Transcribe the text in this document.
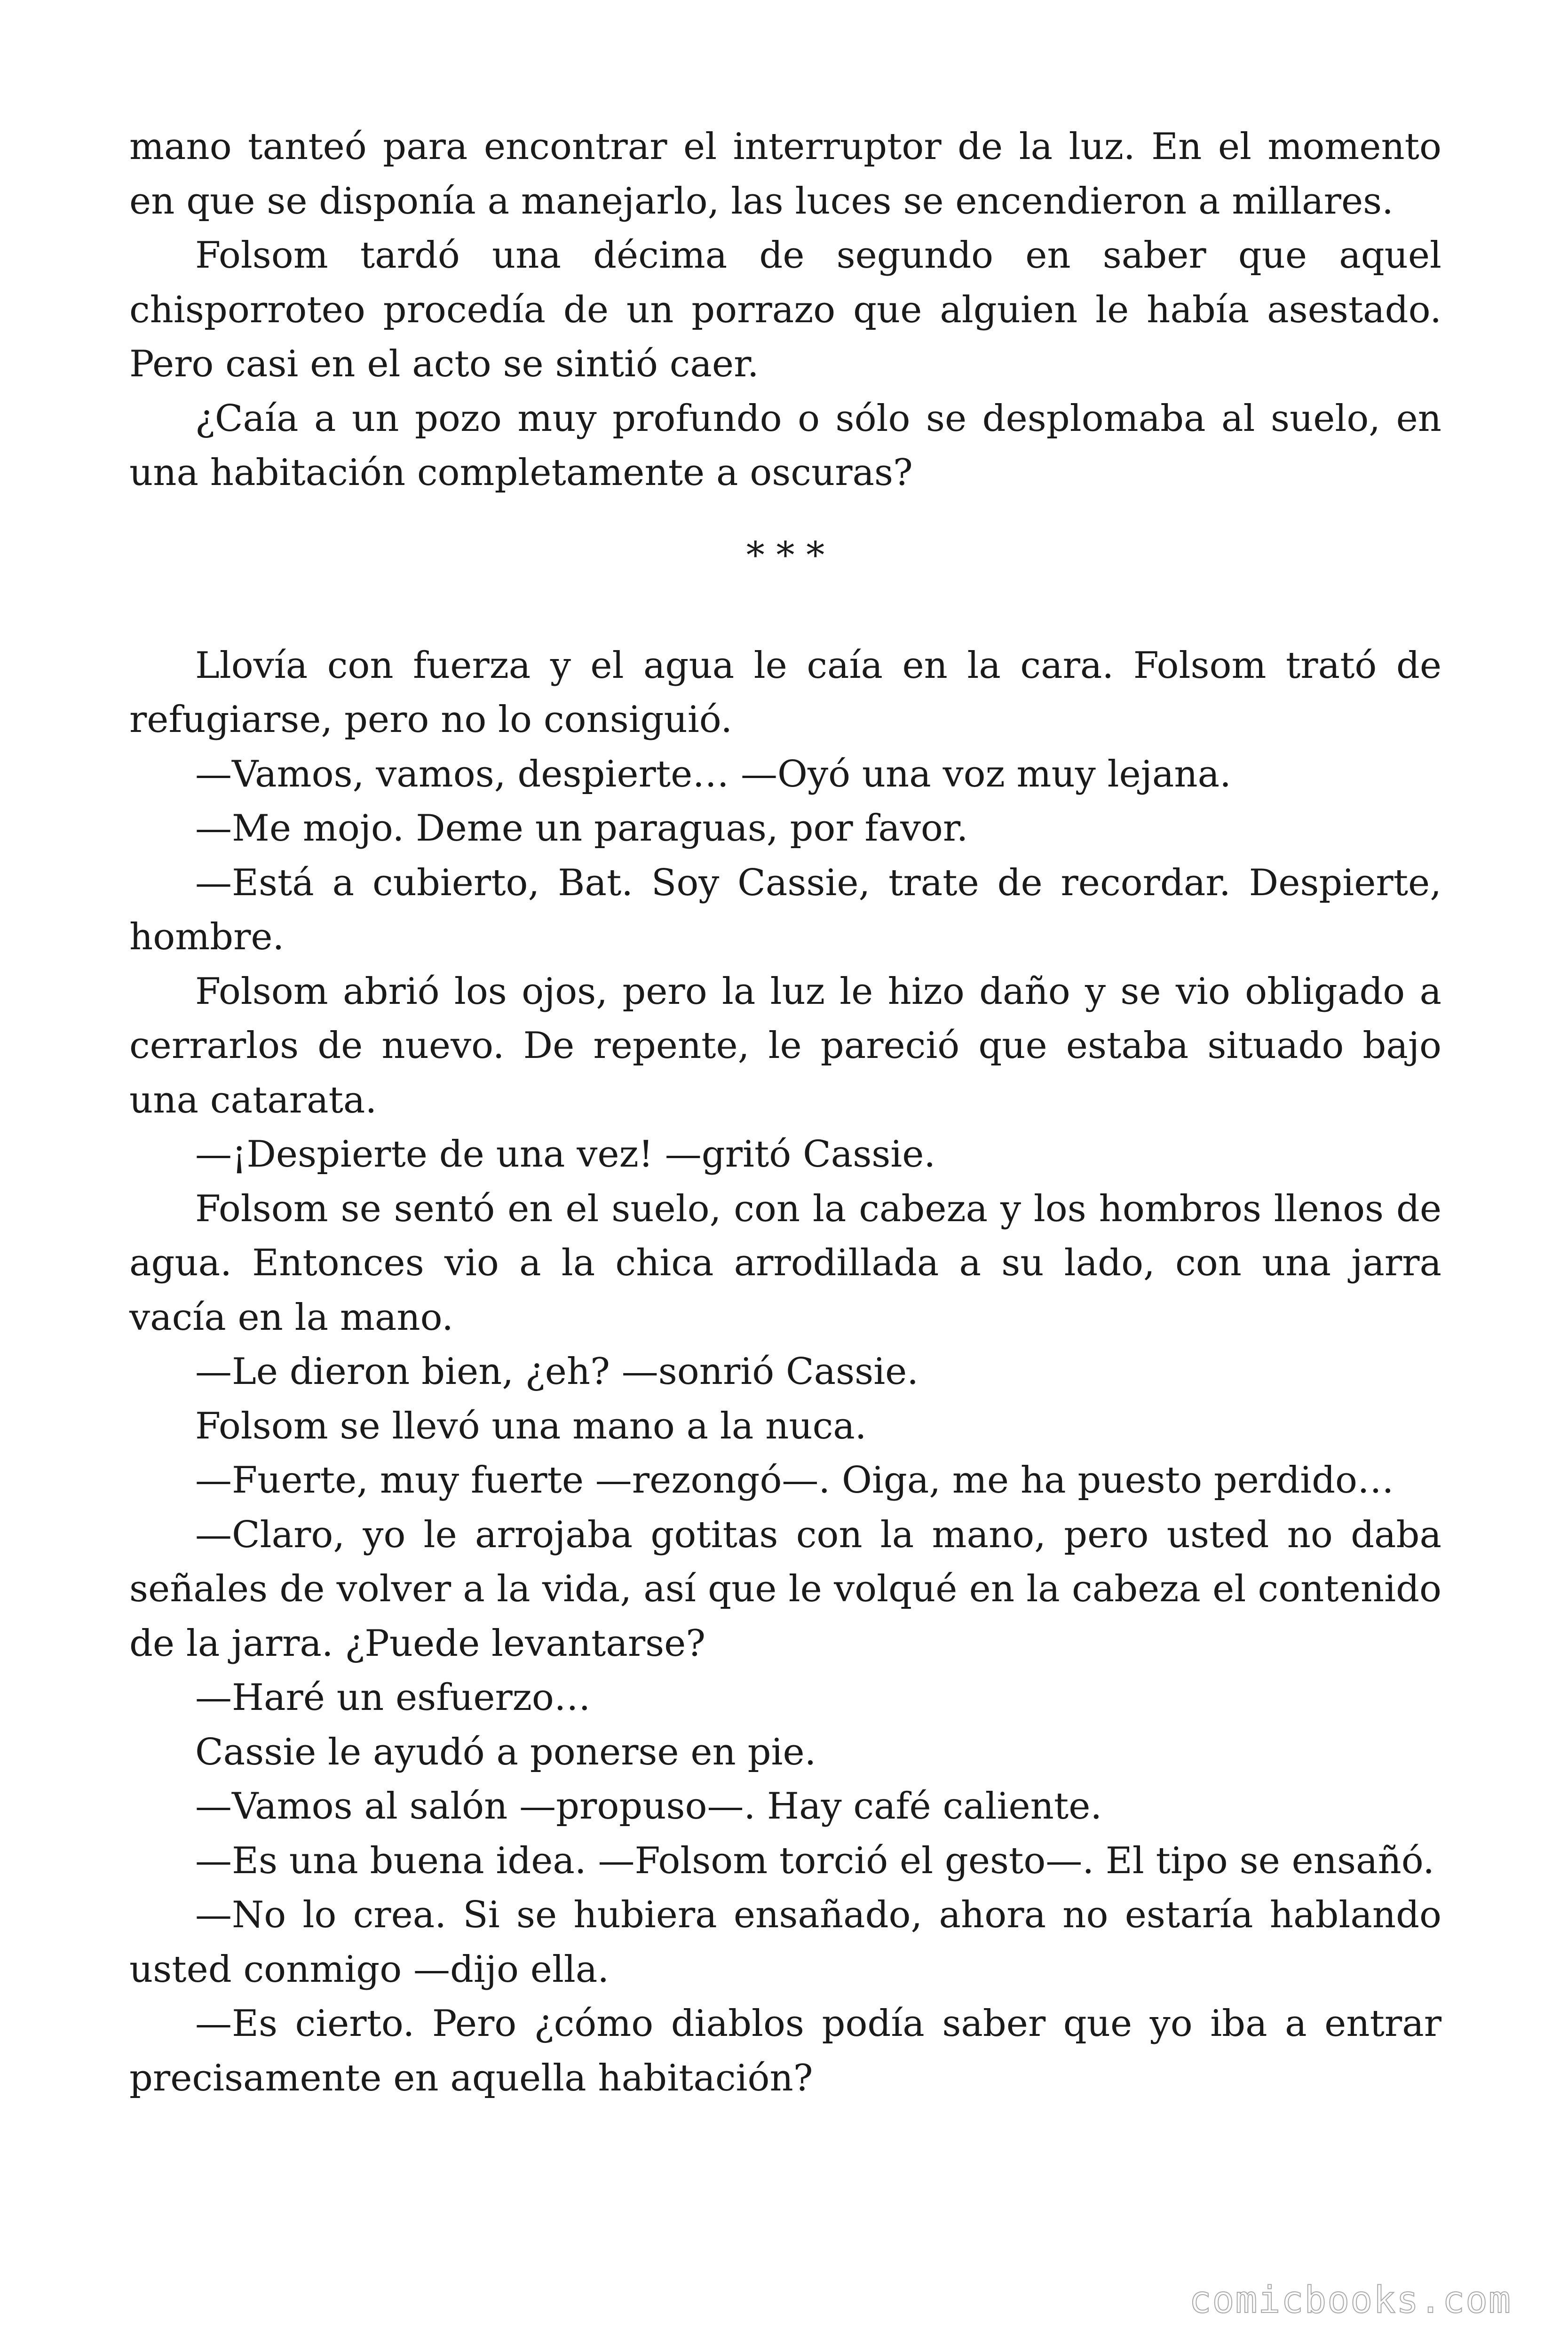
mano tanteó para encontrar el interruptor de la luz. En el momento en que se disponía a manejarlo, las luces se encendieron a millares.

Folsom tardó una décima de segundo en saber que aquel chisporroteo procedía de un porrazo que alguien le había asestado. Pero casi en el acto se sintió caer.

¿Caía a un pozo muy profundo o sólo se desplomaba al suelo, en una habitación completamente a oscuras?

* * *

Llovía con fuerza y el agua le caía en la cara. Folsom trató de refugiarse, pero no lo consiguió.

—Vamos, vamos, despierte… —Oyó una voz muy lejana.

—Me mojo. Deme un paraguas, por favor.

—Está a cubierto, Bat. Soy Cassie, trate de recordar. Despierte, hombre.

Folsom abrió los ojos, pero la luz le hizo daño y se vio obligado a cerrarlos de nuevo. De repente, le pareció que estaba situado bajo una catarata.

—¡Despierte de una vez! —gritó Cassie.

Folsom se sentó en el suelo, con la cabeza y los hombros llenos de agua. Entonces vio a la chica arrodillada a su lado, con una jarra vacía en la mano.

—Le dieron bien, ¿eh? —sonrió Cassie.

Folsom se llevó una mano a la nuca.

—Fuerte, muy fuerte —rezongó—. Oiga, me ha puesto perdido…

—Claro, yo le arrojaba gotitas con la mano, pero usted no daba señales de volver a la vida, así que le volqué en la cabeza el contenido de la jarra. ¿Puede levantarse?

—Haré un esfuerzo…

Cassie le ayudó a ponerse en pie.

—Vamos al salón —propuso—. Hay café caliente.

—Es una buena idea. —Folsom torció el gesto—. El tipo se ensañó.

—No lo crea. Si se hubiera ensañado, ahora no estaría hablando usted conmigo —dijo ella.

—Es cierto. Pero ¿cómo diablos podía saber que yo iba a entrar precisamente en aquella habitación?

comicbooks.com
